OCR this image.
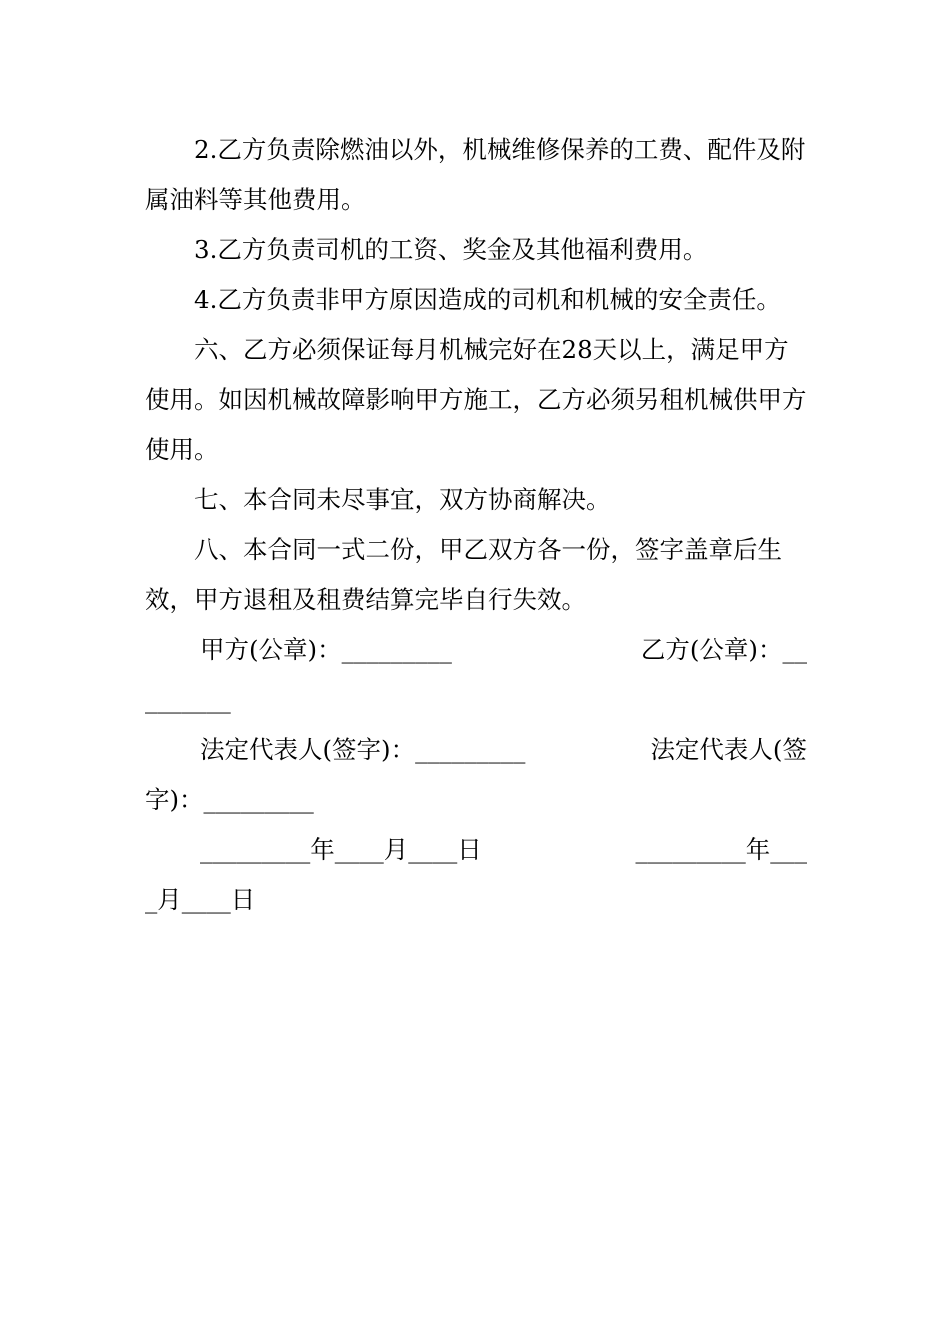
2.乙方负责除燃油以外，机械维修保养的工费、配件及附属油料等其他费用。

3.乙方负责司机的工资、奖金及其他福利费用。

4.乙方负责非甲方原因造成的司机和机械的安全责任。

六、乙方必须保证每月机械完好在28天以上，满足甲方使用。如因机械故障影响甲方施工，乙方必须另租机械供甲方使用。

七、本合同未尽事宜，双方协商解决。

八、本合同一式二份，甲乙双方各一份，签字盖章后生效，甲方退租及租费结算完毕自行失效。

甲方(公章)：_________	乙方(公章)：__
_______
法定代表人(签字)：_________	法定代表人(签
字)：_________
_________年____月____日	_________年___
_月____日
